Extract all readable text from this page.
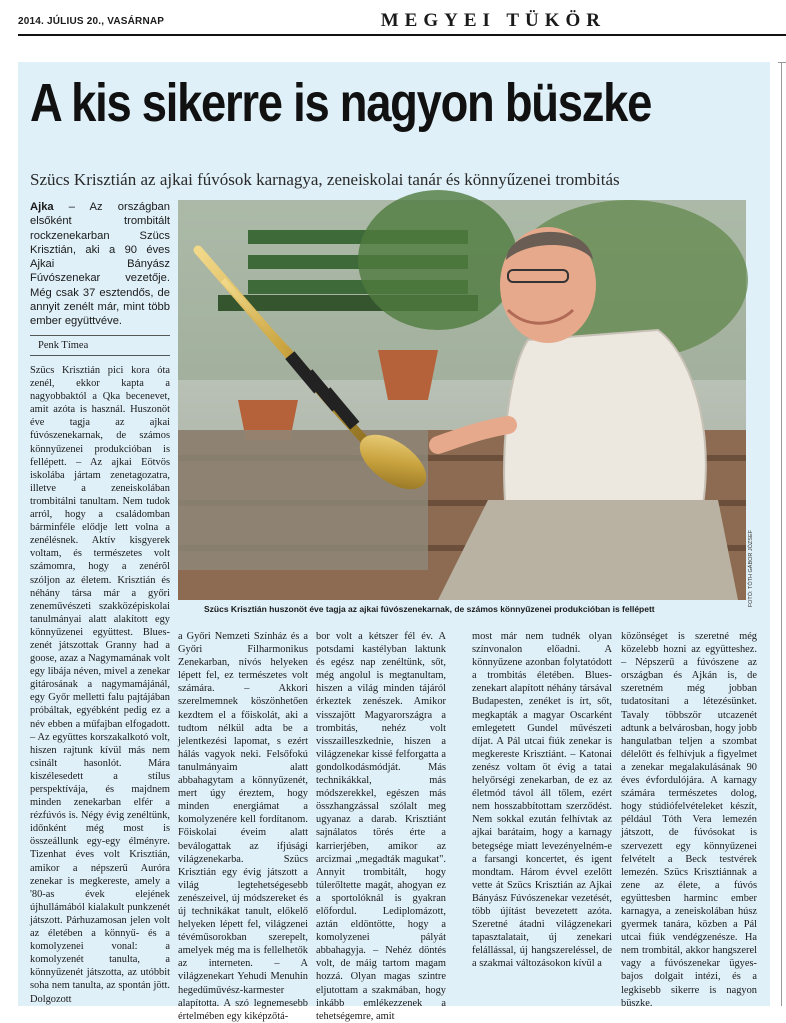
2014. JÚLIUS 20., VASÁRNAP	MEGYEI TÜKÖR
A kis sikerre is nagyon büszke
Szücs Krisztián az ajkai fúvósok karnagya, zeneiskolai tanár és könnyűzenei trombitás
Ajka – Az országban elsőként trombitált rockzenekarban Szücs Krisztián, aki a 90 éves Ajkai Bányász Fúvószenekar vezetője. Még csak 37 esztendős, de annyit zenélt már, mint több ember együttvéve.
Penk Tímea
FOTÓ: TÓTH GÁBOR JÓZSEF
Szücs Krisztián huszonöt éve tagja az ajkai fúvószenekarnak, de számos könnyűzenei produkcióban is fellépett

Szücs Krisztián pici kora óta zenél, ekkor kapta a nagyobbaktól a Qka becenevet, amit azóta is használ. Huszonöt éve tagja az ajkai fúvószenekarnak, de számos könnyűzenei produkcióban is fellépett. – Az ajkai Eötvös iskolába jártam zenetagozatra, illetve a zeneiskolában trombitálni tanultam. Nem tudok arról, hogy a családomban bárminféle elődje lett volna a zenélésnek. Aktív kisgyerek voltam, és természetes volt számomra, hogy a zenérõl szóljon az életem. Krisztián és néhány társa már a győri zeneművészeti szakközépiskolai tanulmányai alatt alakított egy könnyűzenei együttest. Blues-zenét játszottak Granny had a goose, azaz a Nagymamának volt egy libája néven, mivel a zenekar gitárosának a nagymamájánál, egy Győr melletti falu pajtájában próbáltak, egyébként pedig ez a név ebben a műfajban elfogadott. – Az együttes korszakalkotó volt, hiszen rajtunk kívül más nem csinált hasonlót. Mára kiszélesedett a stílus perspektívája, és majdnem minden zenekarban elfér a rézfúvós is. Négy évig zenéltünk, időnként még most is összeállunk egy-egy élményre. Tizenhat éves volt Krisztián, amikor a népszerű Auróra zenekar is megkereste, amely a '80-as évek elejének újhullámából kialakult punkzenét játszott. Párhuzamosan jelen volt az életében a könnyű- és a komolyzenei vonal: a komolyzenét tanulta, a könnyűzenét játszotta, az utóbbit soha nem tanulta, az spontán jött. Dolgozott

a Győri Nemzeti Színház és a Győri Filharmonikus Zenekarban, nívós helyeken lépett fel, ez természetes volt számára. – Akkori szerelmemnek köszönhetően kezdtem el a főiskolát, aki a tudtom nélkül adta be a jelentkezési lapomat, s ezért hálás vagyok neki. Felsőfokú tanulmányaim alatt abbahagytam a könnyűzenét, mert úgy éreztem, hogy minden energiámat a komolyzenére kell fordítanom. Főiskolai éveim alatt beválogattak az ifjúsági világzenekarba. Szücs Krisztián egy évig játszott a világ legtehetségesebb zenészeivel, új módszereket és új technikákat tanult, előkelő helyeken lépett fel, világzenei tévéműsorokban szerepelt, amelyek még ma is fellelhetők az interneten. – A világzenekart Yehudi Menuhin hegedűművész-karmester alapította. A szó legnemesebb értelmében egy kiképzőtá-

bor volt a kétszer fél év. A potsdami kastélyban laktunk és egész nap zenéltünk, sőt, még angolul is megtanultam, hiszen a világ minden tájáról érkeztek zenészek. Amikor visszajött Magyarországra a trombitás, nehéz volt visszailleszkednie, hiszen a világzenekar kissé felforgatta a gondolkodásmódját. Más technikákkal, más módszerekkel, egészen más összhangzással szólalt meg ugyanaz a darab. Krisztiánt sajnálatos törés érte a karrierjében, amikor az arcizmai „megadták magukat". Annyit trombitált, hogy túlerőltette magát, ahogyan ez a sportolóknál is gyakran előfordul. Lediplomázott, aztán eldöntötte, hogy a komolyzenei pályát abbahagyja. – Nehéz döntés volt, de máig tartom magam hozzá. Olyan magas szintre eljutottam a szakmában, hogy inkább emlékezzenek a tehetségemre, amit

most már nem tudnék olyan színvonalon előadni. A könnyűzene azonban folytatódott a trombitás életében. Blues-zenekart alapított néhány társával Budapesten, zenéket is írt, sőt, megkapták a magyar Oscarként emlegetett Gundel művészeti díjat. A Pál utcai fiúk zenekar is megkereste Krisztiánt. – Katonai zenész voltam öt évig a tatai helyőrségi zenekarban, de ez az életmód távol áll tőlem, ezért nem hosszabbítottam szerződést. Nem sokkal ezután felhívtak az ajkai barátaim, hogy a karnagy betegsége miatt levezényelném-e a farsangi koncertet, és igent mondtam. Három évvel ezelőtt vette át Szücs Krisztián az Ajkai Bányász Fúvószenekar vezetését, több újítást bevezetett azóta. Szeretné átadni világzenekari tapasztalatait, új zenekari felállással, új hangszereléssel, de a szakmai változásokon kívül a

közönséget is szeretné még közelebb hozni az együtteshez. – Népszerű a fúvószene az országban és Ajkán is, de szeretném még jobban tudatosítani a létezésünket. Tavaly többször utcazenét adtunk a belvárosban, hogy jobb hangulatban teljen a szombat délelőtt és felhívjuk a figyelmet a zenekar megalakulásának 90 éves évfordulójára. A karnagy számára természetes dolog, hogy stúdiófelvételeket készít, például Tóth Vera lemezén játszott, de fúvósokat is szervezett egy könnyűzenei felvételt a Beck testvérek lemezén. Szücs Krisztiánnak a zene az élete, a fúvós együttesben harminc ember karnagya, a zeneiskolában húsz gyermek tanára, közben a Pál utcai fiúk vendégzenésze. Ha nem trombitál, akkor hangszerel vagy a fúvószenekar ügyes-bajos dolgait intézi, és a legkisebb sikerre is nagyon büszke.
